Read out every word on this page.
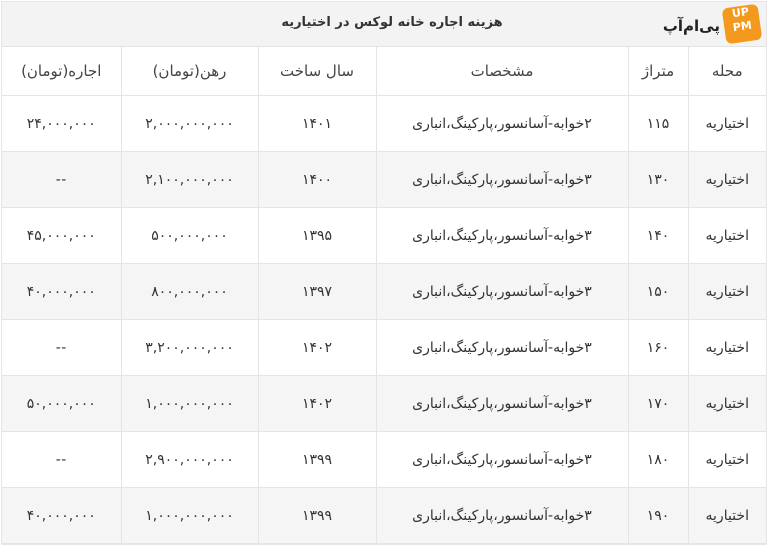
هزینه اجاره خانه لوکس در اختیاریه
UP
PM
پی‌ام‌آپ
محله	متراژ	مشخصات	سال ساخت	رهن(تومان)	اجاره(تومان)
اختیاریه	۱۱۵	۲خوابه-آسانسور،پارکینگ،انباری	۱۴۰۱	۲,۰۰۰,۰۰۰,۰۰۰	۲۴,۰۰۰,۰۰۰
اختیاریه	۱۳۰	۳خوابه-آسانسور،پارکینگ،انباری	۱۴۰۰	۲,۱۰۰,۰۰۰,۰۰۰	--
اختیاریه	۱۴۰	۳خوابه-آسانسور،پارکینگ،انباری	۱۳۹۵	۵۰۰,۰۰۰,۰۰۰	۴۵,۰۰۰,۰۰۰
اختیاریه	۱۵۰	۳خوابه-آسانسور،پارکینگ،انباری	۱۳۹۷	۸۰۰,۰۰۰,۰۰۰	۴۰,۰۰۰,۰۰۰
اختیاریه	۱۶۰	۳خوابه-آسانسور،پارکینگ،انباری	۱۴۰۲	۳,۲۰۰,۰۰۰,۰۰۰	--
اختیاریه	۱۷۰	۳خوابه-آسانسور،پارکینگ،انباری	۱۴۰۲	۱,۰۰۰,۰۰۰,۰۰۰	۵۰,۰۰۰,۰۰۰
اختیاریه	۱۸۰	۳خوابه-آسانسور،پارکینگ،انباری	۱۳۹۹	۲,۹۰۰,۰۰۰,۰۰۰	--
اختیاریه	۱۹۰	۳خوابه-آسانسور،پارکینگ،انباری	۱۳۹۹	۱,۰۰۰,۰۰۰,۰۰۰	۴۰,۰۰۰,۰۰۰
